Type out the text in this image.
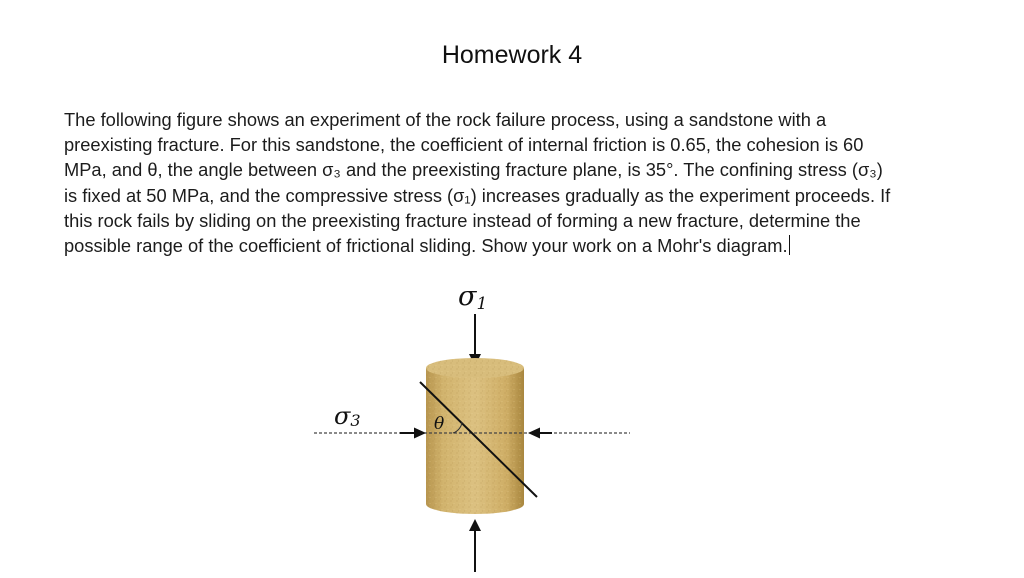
Homework 4

The following figure shows an experiment of the rock failure process, using a sandstone with a
preexisting fracture. For this sandstone, the coefficient of internal friction is 0.65, the cohesion is 60
MPa, and θ, the angle between σ₃ and the preexisting fracture plane, is 35°. The confining stress (σ₃)
is fixed at 50 MPa, and the compressive stress (σ₁) increases gradually as the experiment proceeds. If
this rock fails by sliding on the preexisting fracture instead of forming a new fracture, determine the
possible range of the coefficient of frictional sliding. Show your work on a Mohr's diagram.

σ1
σ3	θ
